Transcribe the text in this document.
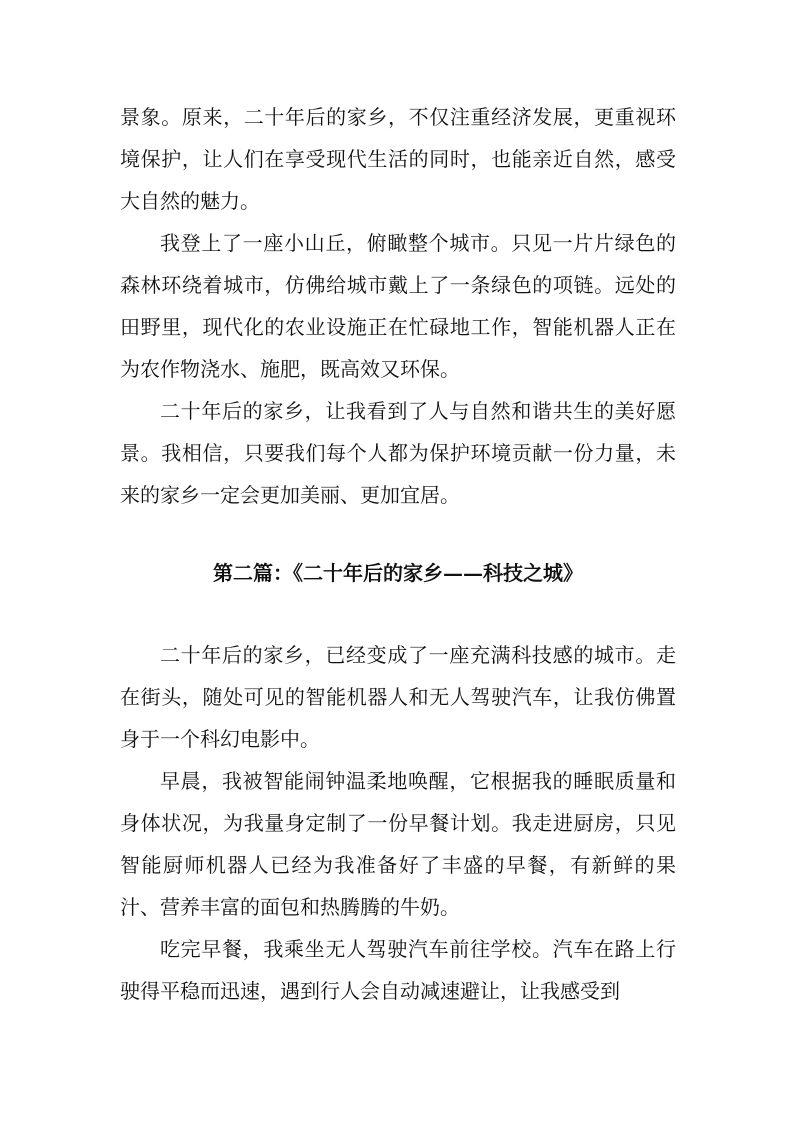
景象。原来，二十年后的家乡，不仅注重经济发展，更重视环境保护，让人们在享受现代生活的同时，也能亲近自然，感受大自然的魅力。

我登上了一座小山丘，俯瞰整个城市。只见一片片绿色的森林环绕着城市，仿佛给城市戴上了一条绿色的项链。远处的田野里，现代化的农业设施正在忙碌地工作，智能机器人正在为农作物浇水、施肥，既高效又环保。

二十年后的家乡，让我看到了人与自然和谐共生的美好愿景。我相信，只要我们每个人都为保护环境贡献一份力量，未来的家乡一定会更加美丽、更加宜居。

第二篇：《二十年后的家乡——科技之城》

二十年后的家乡，已经变成了一座充满科技感的城市。走在街头，随处可见的智能机器人和无人驾驶汽车，让我仿佛置身于一个科幻电影中。

早晨，我被智能闹钟温柔地唤醒，它根据我的睡眠质量和身体状况，为我量身定制了一份早餐计划。我走进厨房，只见智能厨师机器人已经为我准备好了丰盛的早餐，有新鲜的果汁、营养丰富的面包和热腾腾的牛奶。

吃完早餐，我乘坐无人驾驶汽车前往学校。汽车在路上行驶得平稳而迅速，遇到行人会自动减速避让，让我感受到
